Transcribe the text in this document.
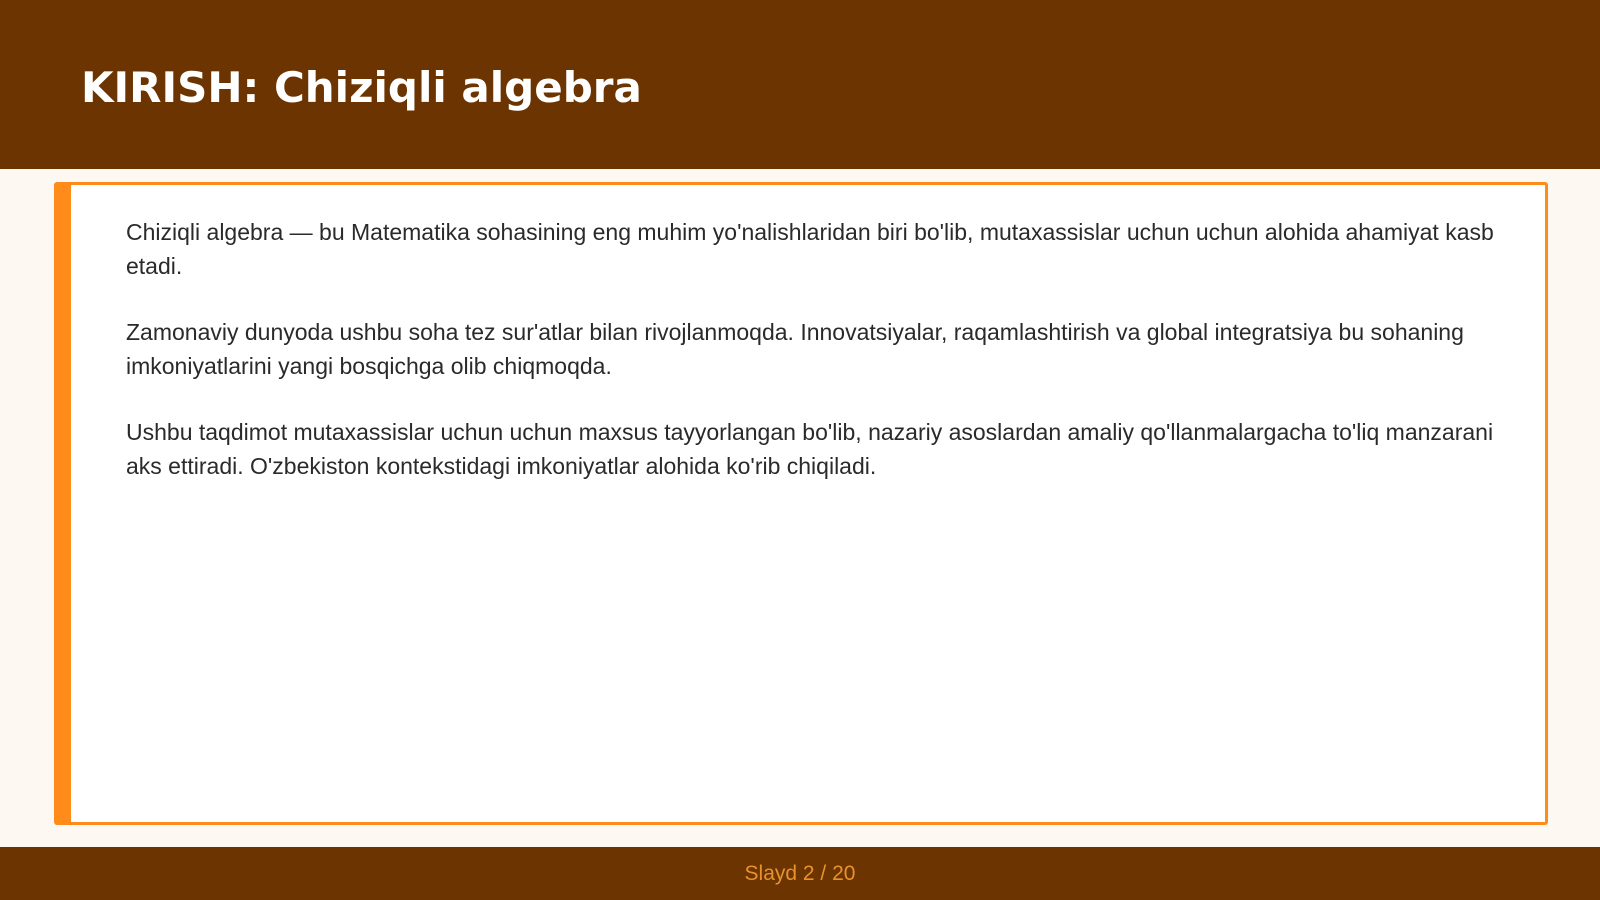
KIRISH: Chiziqli algebra

Chiziqli algebra — bu Matematika sohasining eng muhim yo'nalishlaridan biri bo'lib, mutaxassislar uchun uchun alohida ahamiyat kasb etadi.

Zamonaviy dunyoda ushbu soha tez sur'atlar bilan rivojlanmoqda. Innovatsiyalar, raqamlashtirish va global integratsiya bu sohaning imkoniyatlarini yangi bosqichga olib chiqmoqda.

Ushbu taqdimot mutaxassislar uchun uchun maxsus tayyorlangan bo'lib, nazariy asoslardan amaliy qo'llanmalargacha to'liq manzarani aks ettiradi. O'zbekiston kontekstidagi imkoniyatlar alohida ko'rib chiqiladi.

Slayd 2 / 20
